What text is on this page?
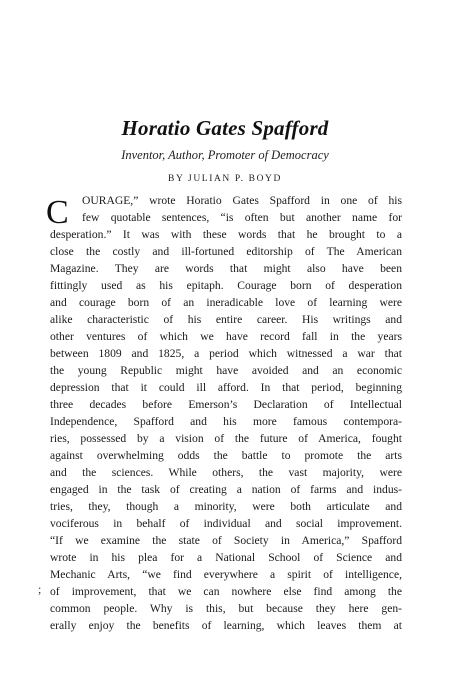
Horatio Gates Spafford
Inventor, Author, Promoter of Democracy
BY JULIAN P. BOYD
C	OURAGE,” wrote Horatio Gates Spafford in one of his
few quotable sentences, “is often but another name for
desperation.” It was with these words that he brought to a
close the costly and ill-fortuned editorship of The American
Magazine. They are words that might also have been
fittingly used as his epitaph. Courage born of desperation
and courage born of an ineradicable love of learning were
alike characteristic of his entire career. His writings and
other ventures of which we have record fall in the years
between 1809 and 1825, a period which witnessed a war that
the young Republic might have avoided and an economic
depression that it could ill afford. In that period, beginning
three decades before Emerson’s Declaration of Intellectual
Independence, Spafford and his more famous contempora-
ries, possessed by a vision of the future of America, fought
against overwhelming odds the battle to promote the arts
and the sciences. While others, the vast majority, were
engaged in the task of creating a nation of farms and indus-
tries, they, though a minority, were both articulate and
vociferous in behalf of individual and social improvement.
“If we examine the state of Society in America,” Spafford
wrote in his plea for a National School of Science and
Mechanic Arts, “we find everywhere a spirit of intelligence,
of improvement, that we can nowhere else find among the
common people. Why is this, but because they here gen-
erally enjoy the benefits of learning, which leaves them at
;
